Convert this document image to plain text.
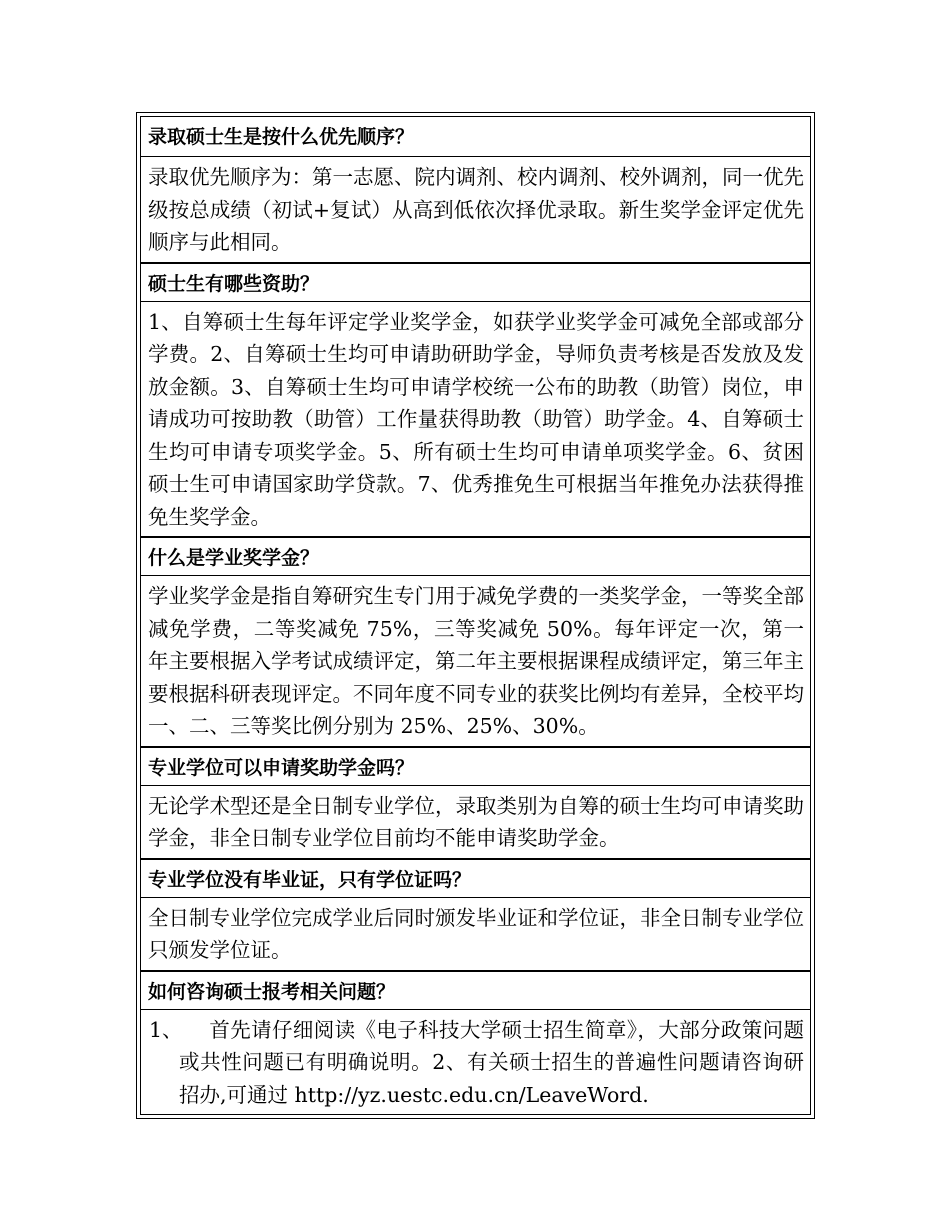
录取硕士生是按什么优先顺序？
录取优先顺序为：第一志愿、院内调剂、校内调剂、校外调剂，同一优先级按总成绩（初试+复试）从高到低依次择优录取。新生奖学金评定优先顺序与此相同。
硕士生有哪些资助？
1、自筹硕士生每年评定学业奖学金，如获学业奖学金可减免全部或部分学费。2、自筹硕士生均可申请助研助学金，导师负责考核是否发放及发放金额。3、自筹硕士生均可申请学校统一公布的助教（助管）岗位，申请成功可按助教（助管）工作量获得助教（助管）助学金。4、自筹硕士生均可申请专项奖学金。5、所有硕士生均可申请单项奖学金。6、贫困硕士生可申请国家助学贷款。7、优秀推免生可根据当年推免办法获得推免生奖学金。
什么是学业奖学金？
学业奖学金是指自筹研究生专门用于减免学费的一类奖学金，一等奖全部减免学费，二等奖减免 75%，三等奖减免 50%。每年评定一次，第一年主要根据入学考试成绩评定，第二年主要根据课程成绩评定，第三年主要根据科研表现评定。不同年度不同专业的获奖比例均有差异，全校平均一、二、三等奖比例分别为 25%、25%、30%。
专业学位可以申请奖助学金吗？
无论学术型还是全日制专业学位，录取类别为自筹的硕士生均可申请奖助学金，非全日制专业学位目前均不能申请奖助学金。
专业学位没有毕业证，只有学位证吗？
全日制专业学位完成学业后同时颁发毕业证和学位证，非全日制专业学位只颁发学位证。
如何咨询硕士报考相关问题？
1、 首先请仔细阅读《电子科技大学硕士招生简章》，大部分政策问题或共性问题已有明确说明。2、有关硕士招生的普遍性问题请咨询研招办,可通过 http://yz.uestc.edu.cn/LeaveWord.
